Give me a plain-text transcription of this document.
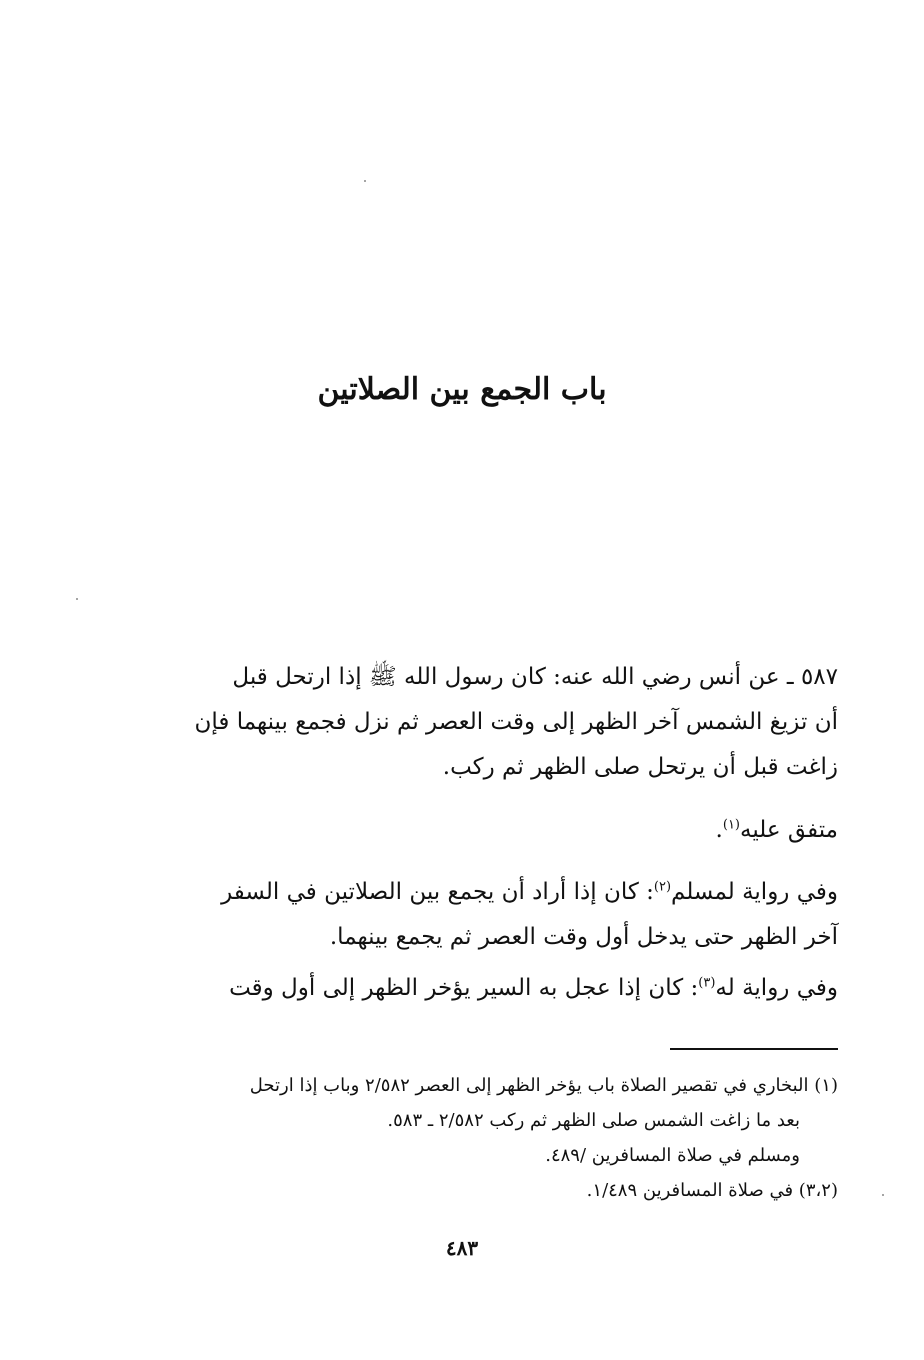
باب الجمع بين الصلاتين
٥٨٧ ـ عن أنس رضي الله عنه: كان رسول الله ﷺ إذا ارتحل قبل
أن تزيغ الشمس آخر الظهر إلى وقت العصر ثم نزل فجمع بينهما فإن
زاغت قبل أن يرتحل صلى الظهر ثم ركب.
متفق عليه$^{(١)}$.
وفي رواية لمسلم$^{(٢)}$: كان إذا أراد أن يجمع بين الصلاتين في السفر
آخر الظهر حتى يدخل أول وقت العصر ثم يجمع بينهما.
وفي رواية له$^{(٣)}$: كان إذا عجل به السير يؤخر الظهر إلى أول وقت
(١) البخاري في تقصير الصلاة باب يؤخر الظهر إلى العصر ٢/٥٨٢ وباب إذا ارتحل
بعد ما زاغت الشمس صلى الظهر ثم ركب ٢/٥٨٢ ـ ٥٨٣.
ومسلم في صلاة المسافرين /٤٨٩.
(٣،٢) في صلاة المسافرين ١/٤٨٩.
٤٨٣
